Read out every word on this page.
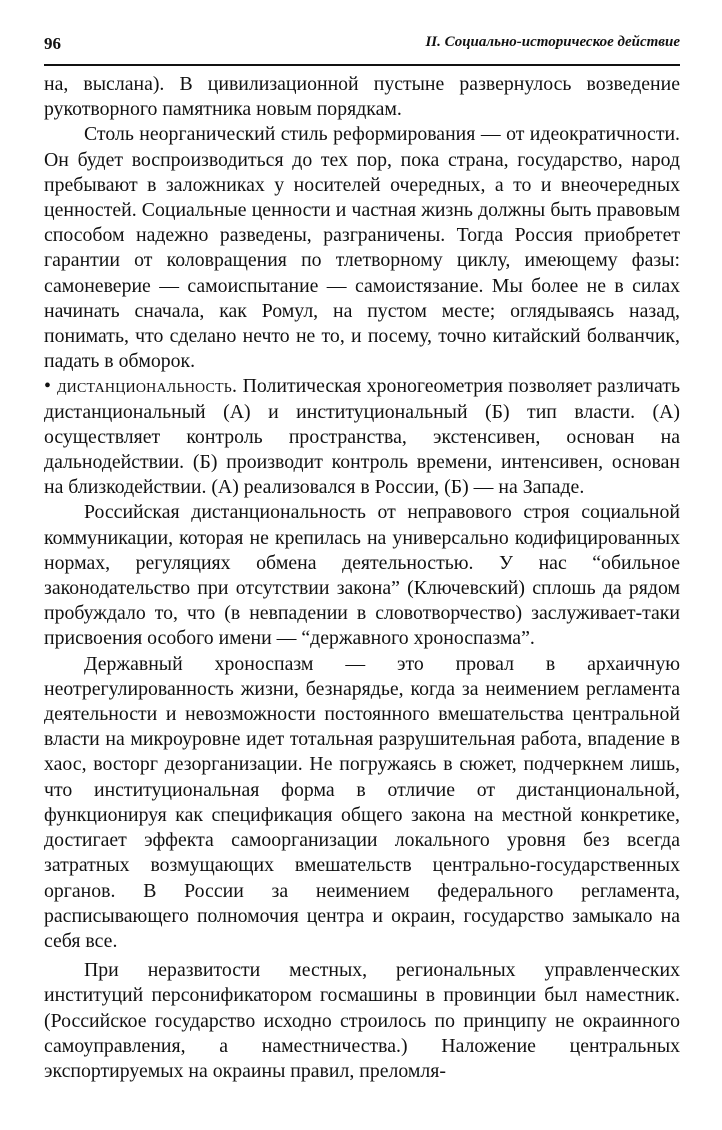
96	II. Социально-историческое действие

на, выслана). В цивилизационной пустыне развернулось возведение рукотворного памятника новым порядкам.

Столь неорганический стиль реформирования — от идеократичности. Он будет воспроизводиться до тех пор, пока страна, государство, народ пребывают в заложниках у носителей очередных, а то и внеочередных ценностей. Социальные ценности и частная жизнь должны быть правовым способом надежно разведены, разграничены. Тогда Россия приобретет гарантии от коловращения по тлетворному циклу, имеющему фазы: самоневерие — самоиспытание — самоистязание. Мы более не в силах начинать сначала, как Ромул, на пустом месте; оглядываясь назад, понимать, что сделано нечто не то, и посему, точно китайский болванчик, падать в обморок.

• дистанциональность. Политическая хроногеометрия позволяет различать дистанциональный (А) и институциональный (Б) тип власти. (А) осуществляет контроль пространства, экстенсивен, основан на дальнодействии. (Б) производит контроль времени, интенсивен, основан на близкодействии. (А) реализовался в России, (Б) — на Западе.

Российская дистанциональность от неправового строя социальной коммуникации, которая не крепилась на универсально кодифицированных нормах, регуляциях обмена деятельностью. У нас “обильное законодательство при отсутствии закона” (Ключевский) сплошь да рядом пробуждало то, что (в невпадении в словотворчество) заслуживает-таки присвоения особого имени — “державного хроноспазма”.

Державный хроноспазм — это провал в архаичную неотрегулированность жизни, безнарядье, когда за неимением регламента деятельности и невозможности постоянного вмешательства центральной власти на микроуровне идет тотальная разрушительная работа, впадение в хаос, восторг дезорганизации. Не погружаясь в сюжет, подчеркнем лишь, что институциональная форма в отличие от дистанциональной, функционируя как спецификация общего закона на местной конкретике, достигает эффекта самоорганизации локального уровня без всегда затратных возмущающих вмешательств центрально-государственных органов. В России за неимением федерального регламента, расписывающего полномочия центра и окраин, государство замыкало на себя все.

При неразвитости местных, региональных управленческих институций персонификатором госмашины в провинции был наместник. (Российское государство исходно строилось по принципу не окраинного самоуправления, а наместничества.) Наложение центральных экспортируемых на окраины правил, преломля-
